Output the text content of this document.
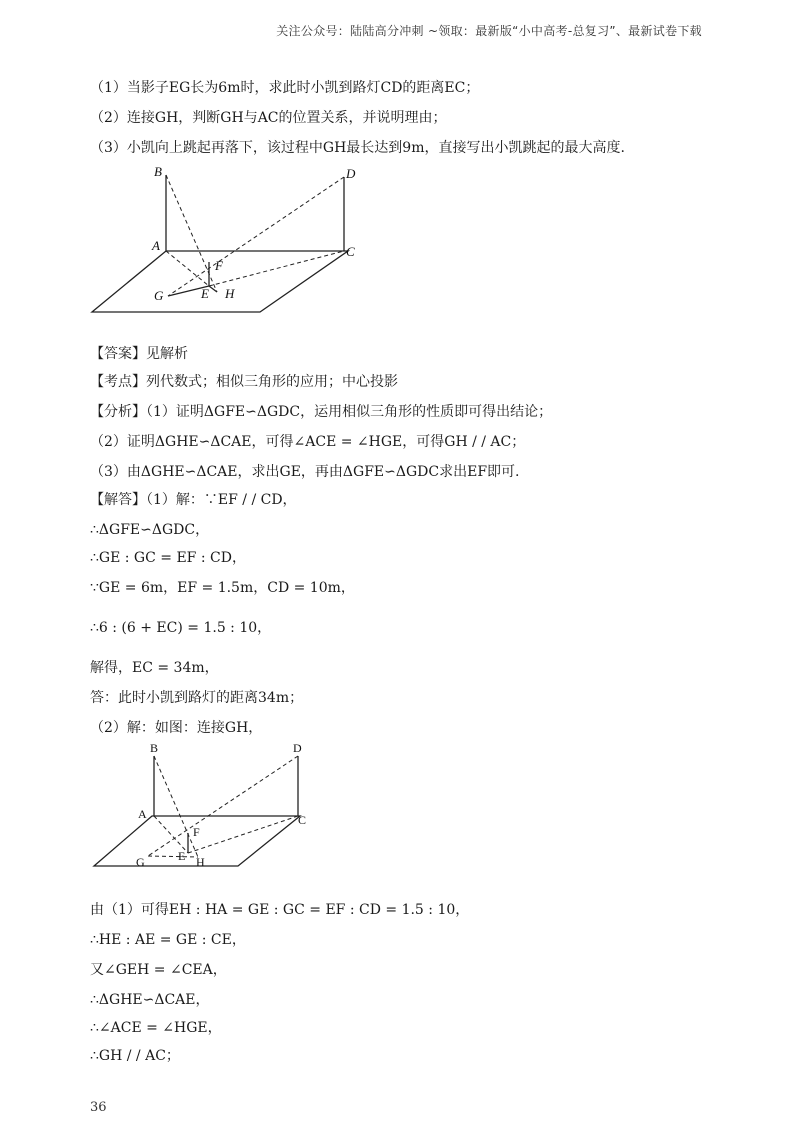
关注公众号：陆陆高分冲刺 ~领取：最新版“小中高考-总复习”、最新试卷下载
（1）当影子EG长为6m时，求此时小凯到路灯CD的距离EC；
（2）连接GH，判断GH与AC的位置关系，并说明理由；
（3）小凯向上跳起再落下，该过程中GH最长达到9m，直接写出小凯跳起的最大高度.
B	D
A	C
F
G	E H
【答案】见解析
【考点】列代数式；相似三角形的应用；中心投影
【分析】（1）证明ΔGFE∽ΔGDC，运用相似三角形的性质即可得出结论；
（2）证明ΔGHE∽ΔCAE，可得∠ACE = ∠HGE，可得GH / / AC；
（3）由ΔGHE∽ΔCAE，求出GE，再由ΔGFE∽ΔGDC求出EF即可.
【解答】（1）解：∵EF / / CD，
∴ΔGFE∽ΔGDC，
∴GE : GC = EF : CD，
∵GE = 6m，EF = 1.5m，CD = 10m，
∴6 : (6 + EC) = 1.5 : 10，
解得，EC = 34m，
答：此时小凯到路灯的距离34m；
（2）解：如图：连接GH，
B	D
A	C
F
G	E H
由（1）可得EH : HA = GE : GC = EF : CD = 1.5 : 10，
∴HE : AE = GE : CE，
又∠GEH = ∠CEA，
∴ΔGHE∽ΔCAE，
∴∠ACE = ∠HGE，
∴GH / / AC；
36
